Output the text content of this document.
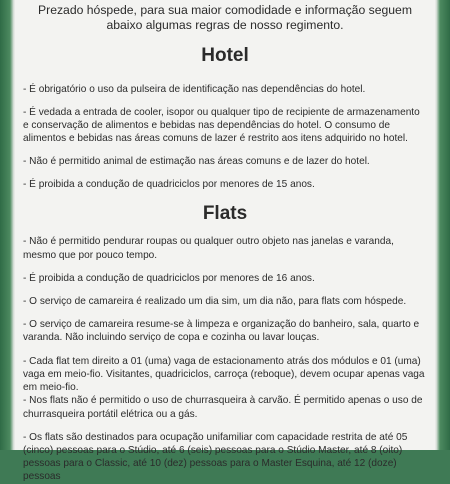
Prezado hóspede, para sua maior comodidade e informação seguem abaixo algumas regras de nosso regimento.

Hotel

- É obrigatório o uso da pulseira de identificação nas dependências do hotel.

- É vedada a entrada de cooler, isopor ou qualquer tipo de recipiente de armazenamento e conservação de alimentos e bebidas nas dependências do hotel. O consumo de alimentos e bebidas nas áreas comuns de lazer é restrito aos itens adquirido no hotel.

- Não é permitido animal de estimação nas áreas comuns e de lazer do hotel.

- É proibida a condução de quadriciclos por menores de 15 anos.

Flats

- Não é permitido pendurar roupas ou qualquer outro objeto nas janelas e varanda, mesmo que por pouco tempo.

- É proibida a condução de quadriciclos por menores de 16 anos.

- O serviço de camareira é realizado um dia sim, um dia não, para flats com hóspede.

- O serviço de camareira resume-se à limpeza e organização do banheiro, sala, quarto e varanda. Não incluindo serviço de copa e cozinha ou lavar louças.

- Cada flat tem direito a 01 (uma) vaga de estacionamento atrás dos módulos e 01 (uma) vaga em meio-fio. Visitantes, quadriciclos, carroça (reboque), devem ocupar apenas vaga em meio-fio.

- Nos flats não é permitido o uso de churrasqueira à carvão. É permitido apenas o uso de churrasqueira portátil elétrica ou a gás.

- Os flats são destinados para ocupação unifamiliar com capacidade restrita de até 05 (cinco) pessoas para o Stúdio, até 6 (seis) pessoas para o Stúdio Master, até 8 (oito) pessoas para o Classic, até 10 (dez) pessoas para o Master Esquina, até 12 (doze) pessoas
